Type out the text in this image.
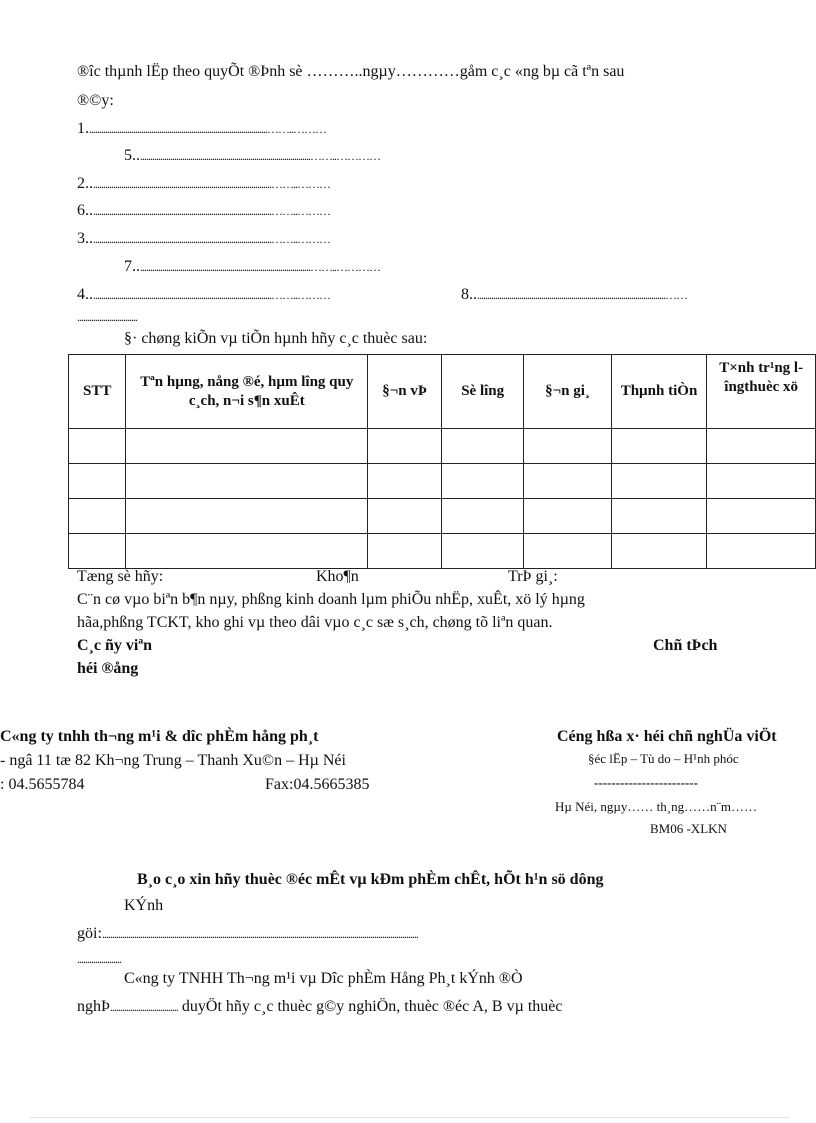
®îc thµnh lËp theo quyÕt ®Þnh sè ………..ngµy…………gåm c¸c «ng bµ cã tªn sau
®©y:
1..........................................................................................……..………
5.......................................................................................……..…………
2...........................................................................................……..………
6...........................................................................................……..………
3...........................................................................................……..………
7.......................................................................................……..…………
4...........................................................................................……..………	8................................................................................................……
..............................
§· chøng kiÕn vµ tiÕn hµnh hñy c¸c thuèc sau:
STT	Tªn hµng, nång ®é, hµm lîng quy c¸ch, n¬i s¶n xuÊt	§¬n vÞ	Sè lîng	§¬n gi¸	Thµnh tiÒn	T×nh tr¹ng lîngthuèc xö

Tæng sè hñy:	Kho¶n	TrÞ gi¸:
C¨n cø vµo biªn b¶n nµy, phßng kinh doanh lµm phiÕu nhËp, xuÊt, xö lý hµng
hãa,phßng TCKT, kho ghi vµ theo dâi vµo c¸c sæ s¸ch, chøng tõ liªn quan.
C¸c ñy viªn
héi ®ång
Chñ tÞch
C«ng ty tnhh th¬ng m¹i & dîc phÈm hång ph¸t
- ngâ 11 tæ 82 Kh¬ng Trung – Thanh Xu©n – Hµ Néi
: 04.5655784	Fax:04.5665385
Céng hßa x· héi chñ nghÜa viÖt
§éc lËp – Tù do – H¹nh phóc
------------------------
Hµ Néi, ngµy…… th¸ng……n¨m……
BM06 -XLKN
B¸o c¸o xin hñy thuèc ®éc mÊt vµ kÐm phÈm chÊt, hÕt h¹n sö dông
KÝnh
göi:..............................................................................................................................................................
......................
C«ng ty TNHH Th¬ng m¹i vµ Dîc phÈm Hång Ph¸t kÝnh ®Ò
nghÞ.................................. duyÖt hñy c¸c thuèc g©y nghiÖn, thuèc ®éc A, B vµ thuèc
